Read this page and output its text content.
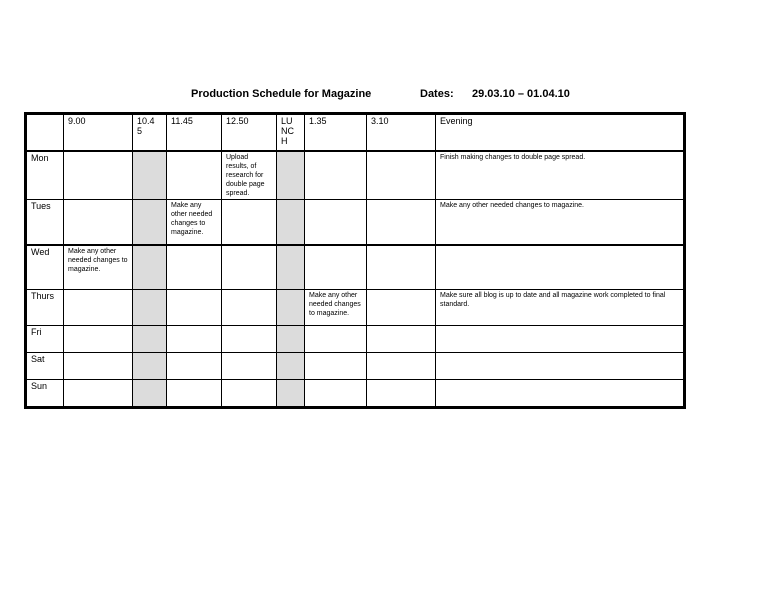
Production Schedule for Magazine	Dates: 29.03.10 – 01.04.10
	9.00	10.4 5	11.45	12.50	LU NC H	1.35	3.10	Evening
Mon				Upload results, of research for double page spread.				Finish making changes to double page spread.

Tues			Make any other needed changes to magazine.					Make any other needed changes to magazine.

Wed	Make any other needed changes to magazine.							

Thurs						Make any other needed changes to magazine.		Make sure all blog is up to date and all magazine work completed to final standard.

Fri	

Sat	

Sun	
